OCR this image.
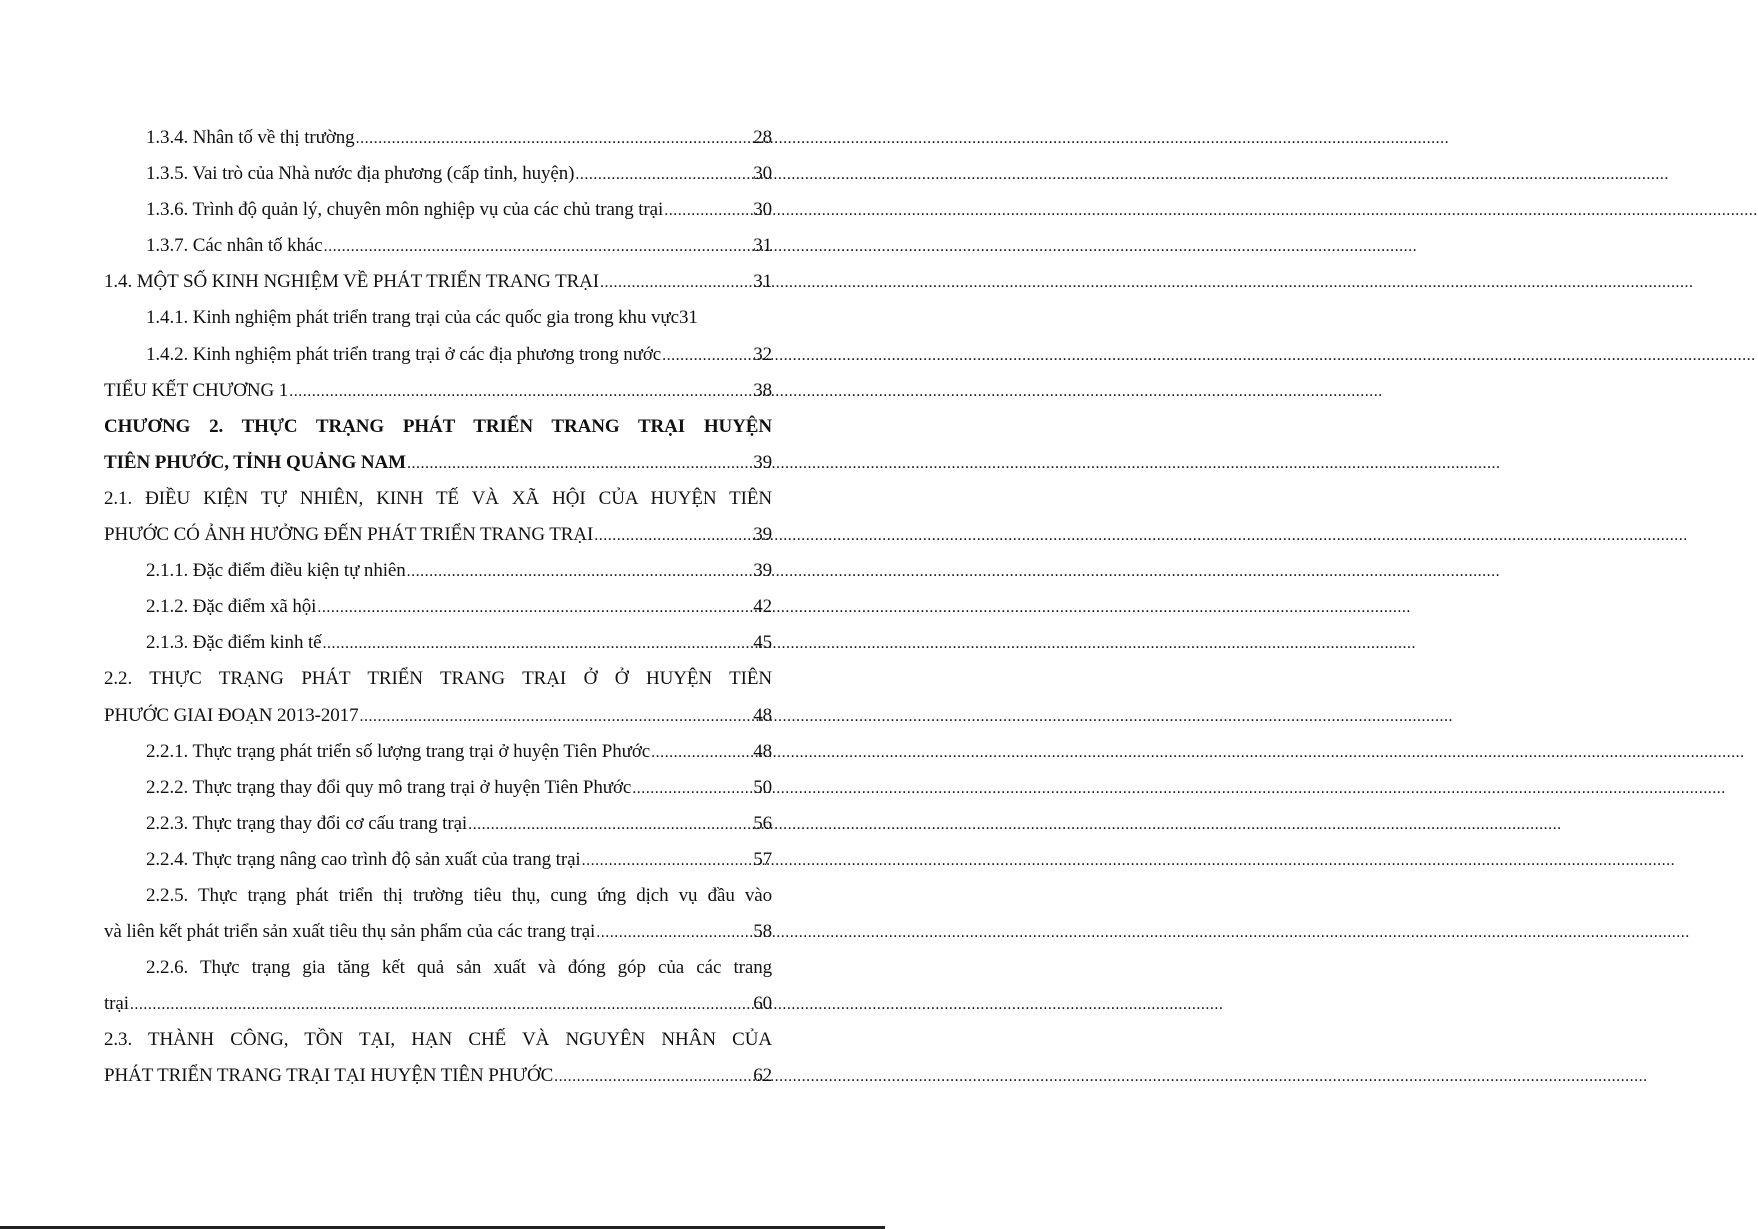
1.3.4. Nhân tố về thị trường .....	28
1.3.5. Vai trò của Nhà nước địa phương (cấp tỉnh, huyện) .....	30
1.3.6. Trình độ quản lý, chuyên môn nghiệp vụ của các chủ trang trại .....	30
1.3.7. Các nhân tố khác .....	31
1.4. MỘT SỐ KINH NGHIỆM VỀ PHÁT TRIỂN TRANG TRẠI .....	31
1.4.1. Kinh nghiệm phát triển trang trại của các quốc gia trong khu vực 31
1.4.2. Kinh nghiệm phát triển trang trại ở các địa phương trong nước .....	32
TIỂU KẾT CHƯƠNG 1 .....	38
CHƯƠNG 2. THỰC TRẠNG PHÁT TRIỂN TRANG TRẠI HUYỆN
TIÊN PHƯỚC, TỈNH QUẢNG NAM .....	39
2.1. ĐIỀU KIỆN TỰ NHIÊN, KINH TẾ VÀ XÃ HỘI CỦA HUYỆN TIÊN
PHƯỚC CÓ ẢNH HƯỞNG ĐẾN PHÁT TRIỂN TRANG TRẠI .....	39
2.1.1. Đặc điểm điều kiện tự nhiên .....	39
2.1.2. Đặc điểm xã hội .....	42
2.1.3. Đặc điểm kinh tế .....	45
2.2. THỰC TRẠNG PHÁT TRIỂN TRANG TRẠI Ở Ở HUYỆN TIÊN
PHƯỚC GIAI ĐOẠN 2013-2017 .....	48
2.2.1. Thực trạng phát triển số lượng trang trại ở huyện Tiên Phước .....	48
2.2.2. Thực trạng thay đổi quy mô trang trại ở huyện Tiên Phước .....	50
2.2.3. Thực trạng thay đổi cơ cấu trang trại .....	56
2.2.4. Thực trạng nâng cao trình độ sản xuất của trang trại .....	57
2.2.5. Thực trạng phát triển thị trường tiêu thụ, cung ứng dịch vụ đầu vào
và liên kết phát triển sản xuất tiêu thụ sản phẩm của các trang trại .....	58
2.2.6. Thực trạng gia tăng kết quả sản xuất và đóng góp của các trang
trại .....	60
2.3. THÀNH CÔNG, TỒN TẠI, HẠN CHẾ VÀ NGUYÊN NHÂN CỦA
PHÁT TRIỂN TRANG TRẠI TẠI HUYỆN TIÊN PHƯỚC .....	62
